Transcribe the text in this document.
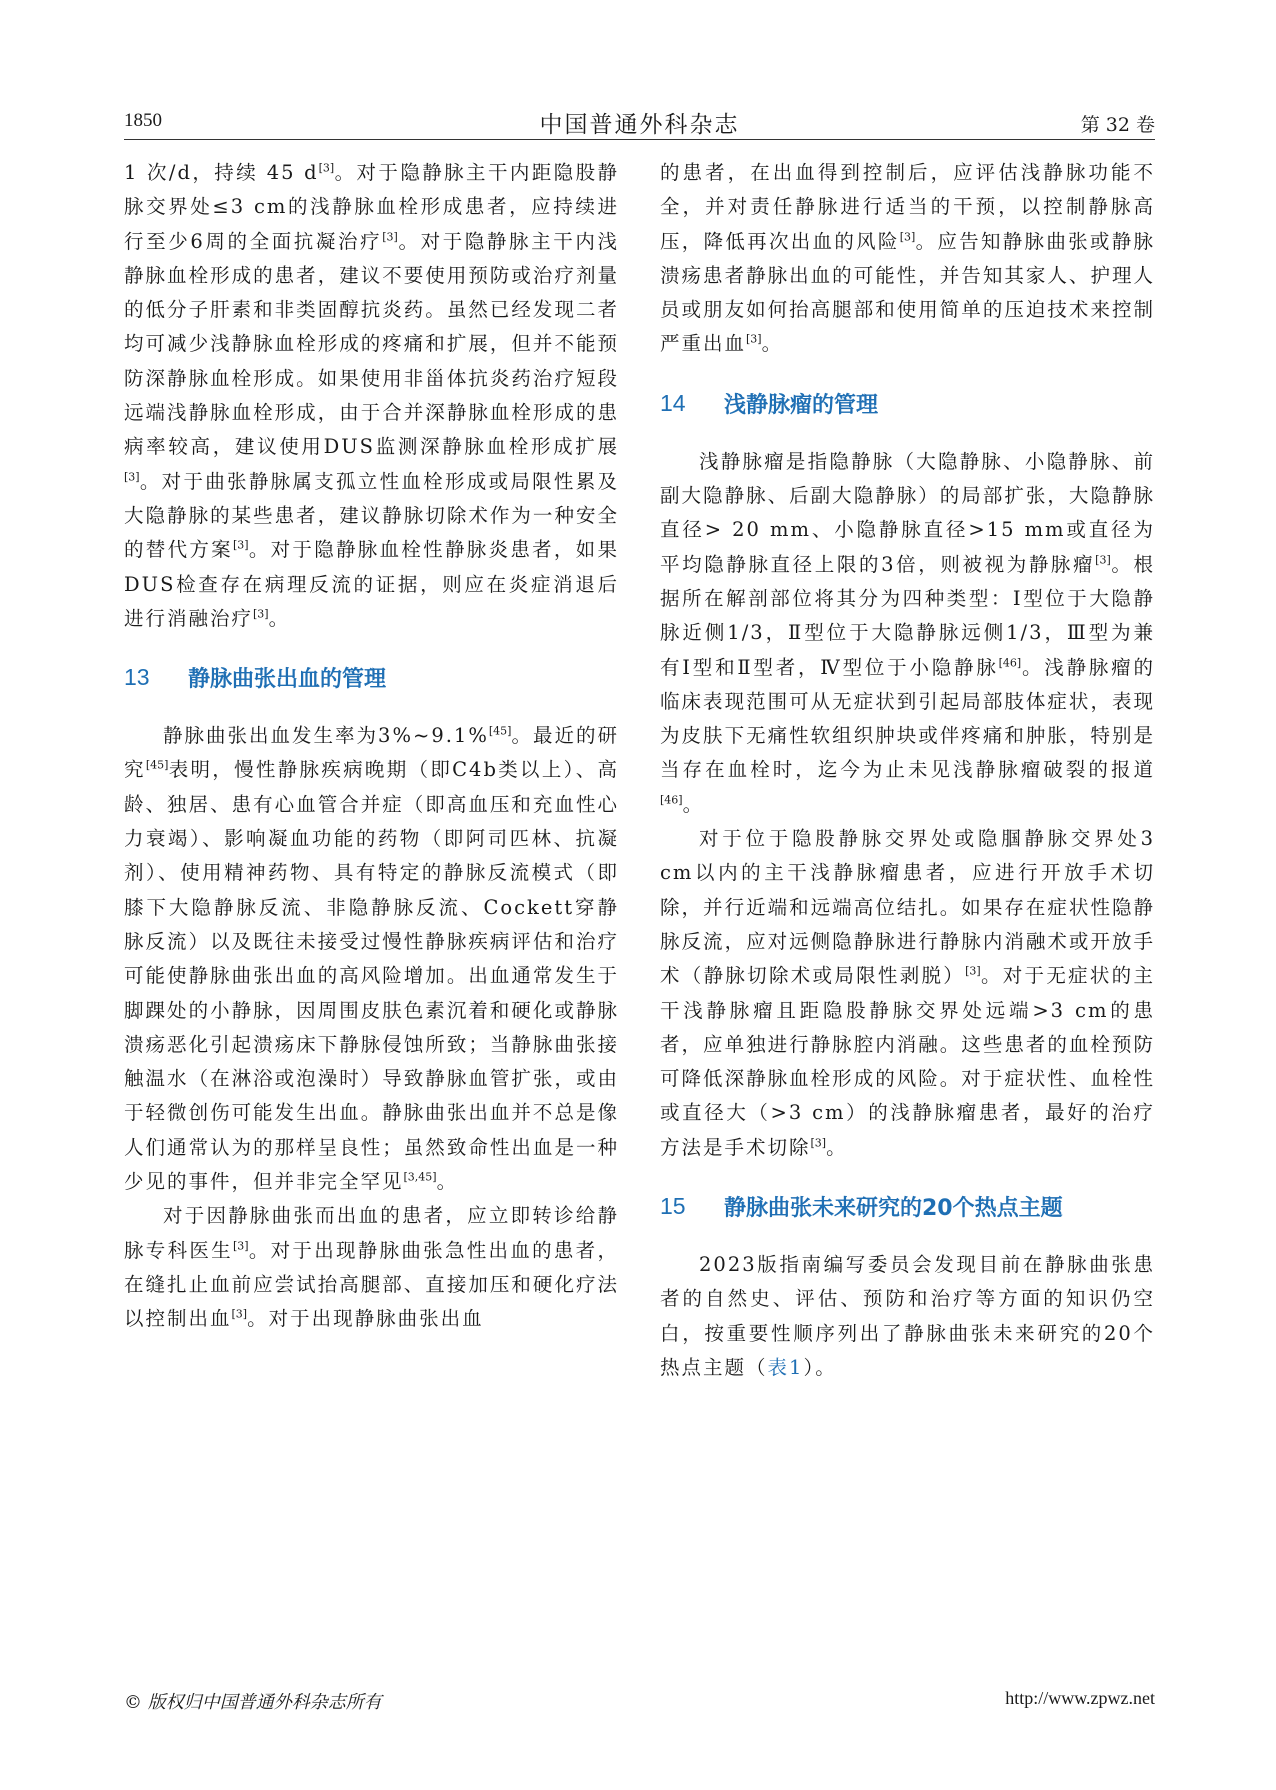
1850	中国普通外科杂志	第 32 卷

1 次/d，持续 45 d[3]。对于隐静脉主干内距隐股静脉交界处≤3 cm的浅静脉血栓形成患者，应持续进行至少6周的全面抗凝治疗[3]。对于隐静脉主干内浅静脉血栓形成的患者，建议不要使用预防或治疗剂量的低分子肝素和非类固醇抗炎药。虽然已经发现二者均可减少浅静脉血栓形成的疼痛和扩展，但并不能预防深静脉血栓形成。如果使用非甾体抗炎药治疗短段远端浅静脉血栓形成，由于合并深静脉血栓形成的患病率较高，建议使用DUS监测深静脉血栓形成扩展[3]。对于曲张静脉属支孤立性血栓形成或局限性累及大隐静脉的某些患者，建议静脉切除术作为一种安全的替代方案[3]。对于隐静脉血栓性静脉炎患者，如果DUS检查存在病理反流的证据，则应在炎症消退后进行消融治疗[3]。

13	静脉曲张出血的管理

静脉曲张出血发生率为3%~9.1%[45]。最近的研究[45]表明，慢性静脉疾病晚期（即C4b类以上）、高龄、独居、患有心血管合并症（即高血压和充血性心力衰竭）、影响凝血功能的药物（即阿司匹林、抗凝剂）、使用精神药物、具有特定的静脉反流模式（即膝下大隐静脉反流、非隐静脉反流、Cockett穿静脉反流）以及既往未接受过慢性静脉疾病评估和治疗可能使静脉曲张出血的高风险增加。出血通常发生于脚踝处的小静脉，因周围皮肤色素沉着和硬化或静脉溃疡恶化引起溃疡床下静脉侵蚀所致；当静脉曲张接触温水（在淋浴或泡澡时）导致静脉血管扩张，或由于轻微创伤可能发生出血。静脉曲张出血并不总是像人们通常认为的那样呈良性；虽然致命性出血是一种少见的事件，但并非完全罕见[3,45]。

对于因静脉曲张而出血的患者，应立即转诊给静脉专科医生[3]。对于出现静脉曲张急性出血的患者，在缝扎止血前应尝试抬高腿部、直接加压和硬化疗法以控制出血[3]。对于出现静脉曲张出血

的患者，在出血得到控制后，应评估浅静脉功能不全，并对责任静脉进行适当的干预，以控制静脉高压，降低再次出血的风险[3]。应告知静脉曲张或静脉溃疡患者静脉出血的可能性，并告知其家人、护理人员或朋友如何抬高腿部和使用简单的压迫技术来控制严重出血[3]。

14	浅静脉瘤的管理

浅静脉瘤是指隐静脉（大隐静脉、小隐静脉、前副大隐静脉、后副大隐静脉）的局部扩张，大隐静脉直径> 20 mm、小隐静脉直径>15 mm或直径为平均隐静脉直径上限的3倍，则被视为静脉瘤[3]。根据所在解剖部位将其分为四种类型：Ⅰ型位于大隐静脉近侧1/3，Ⅱ型位于大隐静脉远侧1/3，Ⅲ型为兼有Ⅰ型和Ⅱ型者，Ⅳ型位于小隐静脉[46]。浅静脉瘤的临床表现范围可从无症状到引起局部肢体症状，表现为皮肤下无痛性软组织肿块或伴疼痛和肿胀，特别是当存在血栓时，迄今为止未见浅静脉瘤破裂的报道[46]。

对于位于隐股静脉交界处或隐腘静脉交界处3 cm以内的主干浅静脉瘤患者，应进行开放手术切除，并行近端和远端高位结扎。如果存在症状性隐静脉反流，应对远侧隐静脉进行静脉内消融术或开放手术（静脉切除术或局限性剥脱）[3]。对于无症状的主干浅静脉瘤且距隐股静脉交界处远端>3 cm的患者，应单独进行静脉腔内消融。这些患者的血栓预防可降低深静脉血栓形成的风险。对于症状性、血栓性或直径大（>3 cm）的浅静脉瘤患者，最好的治疗方法是手术切除[3]。

15	静脉曲张未来研究的20个热点主题

2023版指南编写委员会发现目前在静脉曲张患者的自然史、评估、预防和治疗等方面的知识仍空白，按重要性顺序列出了静脉曲张未来研究的20个热点主题（表1）。

© 版权归中国普通外科杂志所有	http://www.zpwz.net
